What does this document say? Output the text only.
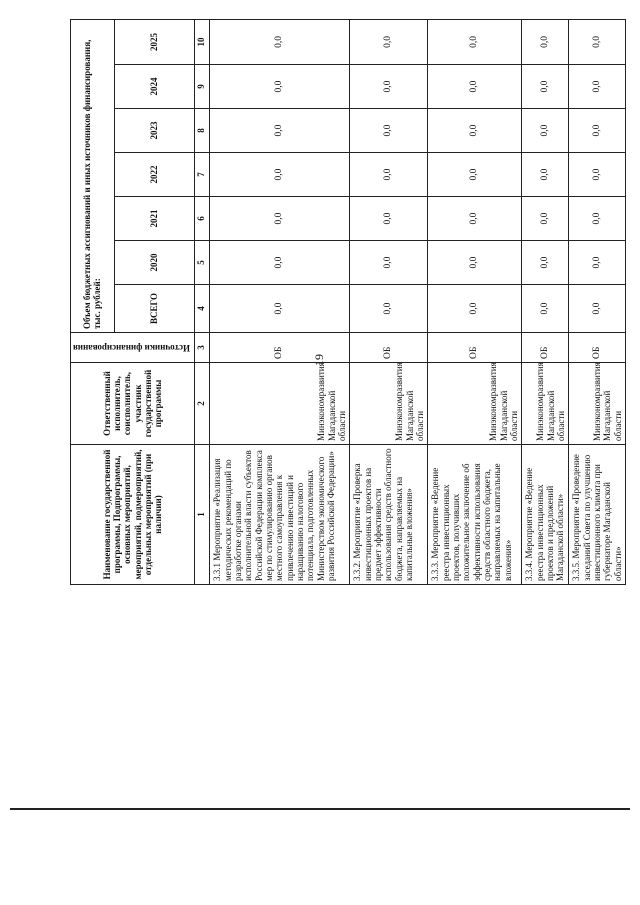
19
Наименование государственной программы, Подпрограммы, основных мероприятий, мероприятий, подмероприятий, отдельных мероприятий (при наличии)	Ответственный исполнитель, соисполнитель, участник государственной программы	Источники финансирования	Объем бюджетных ассигнований и иных источников финансирования, тыс. рублей:						
			ВСЕГО	2020	2021	2022	2023	2024	2025
1	2	3	4	5	6	7	8	9	10
3.3.1 Мероприятие «Реализация методических рекомендаций по разработке органами исполнительной власти субъектов Российской Федерации комплекса мер по стимулированию органов местного самоуправления к привлечению инвестиций и наращиванию налогового потенциала, подготовленных Министерством экономического развития Российской Федерации»	Минэкономразвития Магаданской области	ОБ	0,0	0,0	0,0	0,0	0,0	0,0	0,0
3.3.2. Мероприятие «Проверка инвестиционных проектов на предмет эффективности использования средств областного бюджета, направляемых на капитальные вложения»	Минэкономразвития Магаданской области	ОБ	0,0	0,0	0,0	0,0	0,0	0,0	0,0
3.3.3. Мероприятие «Ведение реестра инвестиционных проектов, получивших положительное заключение об эффективности использования средств областного бюджета, направляемых на капитальные вложения»	Минэкономразвития Магаданской области	ОБ	0,0	0,0	0,0	0,0	0,0	0,0	0,0
3.3.4. Мероприятие «Ведение реестра инвестиционных проектов и предложений Магаданской области»	Минэкономразвития Магаданской области	ОБ	0,0	0,0	0,0	0,0	0,0	0,0	0,0
3.3.5. Мероприятие «Проведение заседаний Совета по улучшению инвестиционного климата при губернаторе Магаданской области»	Минэкономразвития Магаданской области	ОБ	0,0	0,0	0,0	0,0	0,0	0,0	0,0
